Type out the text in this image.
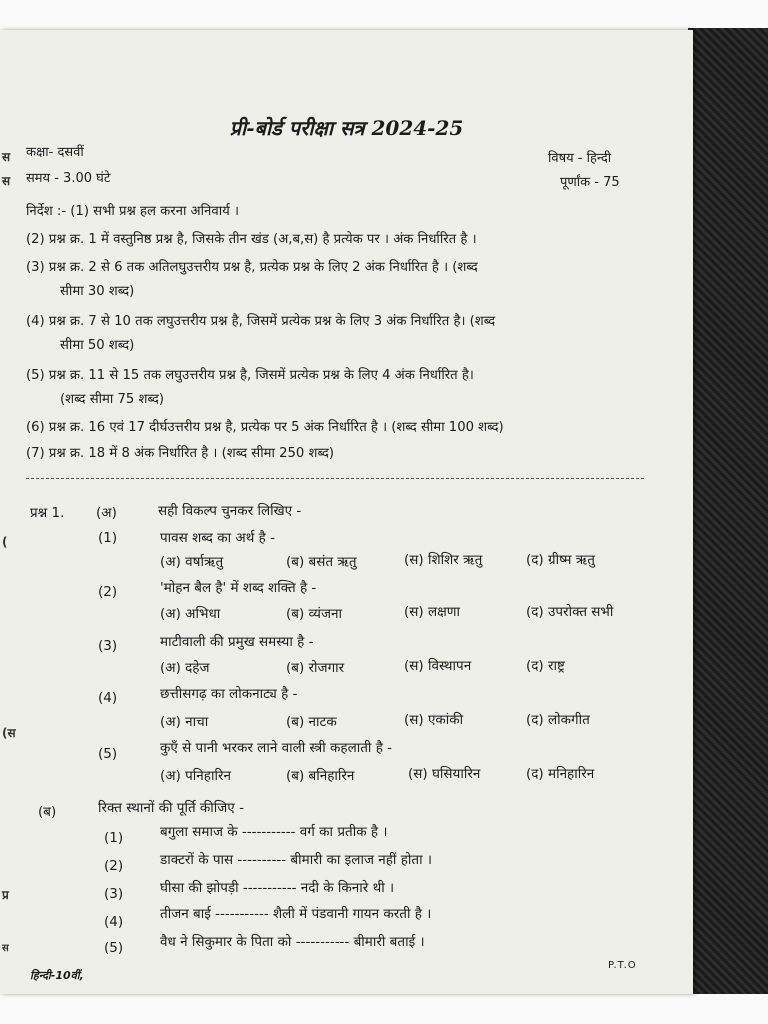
स
स
(
(स
प्र
स
प्री-बोर्ड परीक्षा सत्र 2024-25
कक्षा- दसवीं
समय - 3.00 घंटे
विषय - हिन्दी
पूर्णांक - 75
निर्देश :- (1) सभी प्रश्न हल करना अनिवार्य ।
(2) प्रश्न क्र. 1 में वस्तुनिष्ठ प्रश्न है, जिसके तीन खंड (अ,ब,स) है प्रत्येक पर । अंक निर्धारित है ।
(3) प्रश्न क्र. 2 से 6 तक अतिलघुउत्तरीय प्रश्न है, प्रत्येक प्रश्न के लिए 2 अंक निर्धारित है । (शब्द
सीमा 30 शब्द)
(4) प्रश्न क्र. 7 से 10 तक लघुउत्तरीय प्रश्न है, जिसमें प्रत्येक प्रश्न के लिए 3 अंक निर्धारित है। (शब्द
सीमा 50 शब्द)
(5) प्रश्न क्र. 11 से 15 तक लघुउत्तरीय प्रश्न है, जिसमें प्रत्येक प्रश्न के लिए 4 अंक निर्धारित है।
(शब्द सीमा 75 शब्द)
(6) प्रश्न क्र. 16 एवं 17 दीर्घउत्तरीय प्रश्न है, प्रत्येक पर 5 अंक निर्धारित है । (शब्द सीमा 100 शब्द)
(7) प्रश्न क्र. 18 में 8 अंक निर्धारित है । (शब्द सीमा 250 शब्द)
प्रश्न 1. (अ)	सही विकल्प चुनकर लिखिए -
(1)	पावस शब्द का अर्थ है -
(अ) वर्षाऋतु	(ब) बसंत ऋतु	(स) शिशिर ऋतु	(द) ग्रीष्म ऋतु
(2)	'मोहन बैल है' में शब्द शक्ति है -
(अ) अभिधा	(ब) व्यंजना	(स) लक्षणा	(द) उपरोक्त सभी
(3)	माटीवाली की प्रमुख समस्या है -
(अ) दहेज	(ब) रोजगार	(स) विस्थापन	(द) राष्ट्र
(4)	छत्तीसगढ़ का लोकनाट्य है -
(अ) नाचा	(ब) नाटक	(स) एकांकी	(द) लोकगीत
(5)	कुएँ से पानी भरकर लाने वाली स्त्री कहलाती है -
(अ) पनिहारिन	(ब) बनिहारिन	(स) घसियारिन	(द) मनिहारिन
(ब)	रिक्त स्थानों की पूर्ति कीजिए -
(1)	बगुला समाज के ----------- वर्ग का प्रतीक है ।
(2)	डाक्टरों के पास ---------- बीमारी का इलाज नहीं होता ।
(3)	घीसा की झोपड़ी ----------- नदी के किनारे थी ।
(4)	तीजन बाई ----------- शैली में पंडवानी गायन करती है ।
(5)	वैध ने सिकुमार के पिता को ----------- बीमारी बताई ।
हिन्दी-10वीं,
P.T.O
